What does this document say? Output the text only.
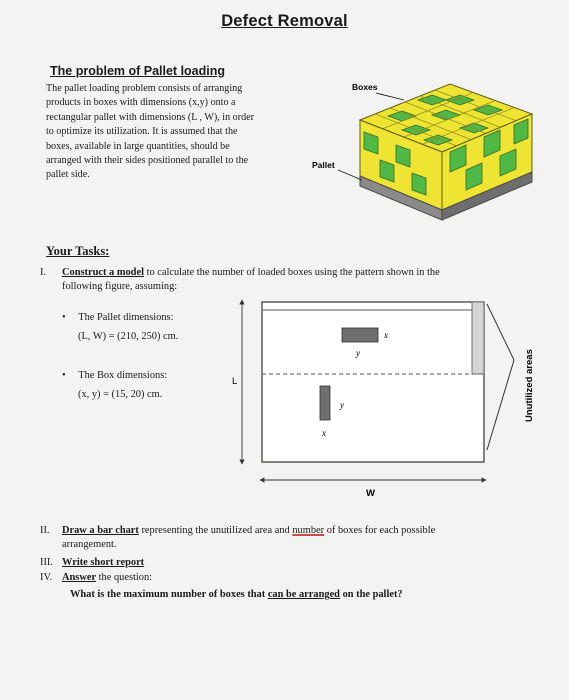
Defect Removal
The problem of Pallet loading
The pallet loading problem consists of arranging
products in boxes with dimensions (x,y) onto a
rectangular pallet with dimensions (L , W), in order
to optimize its utilization. It is assumed that the
boxes, available in large quantities, should be
arranged with their sides positioned parallel to the
pallet side.
Boxes
Pallet
Your Tasks:
I. Construct a model to calculate the number of loaded boxes using the pattern shown in the
following figure, assuming:
• The Pallet dimensions:
(L, W) = (210, 250) cm.
• The Box dimensions:
(x, y) = (15, 20) cm.
x
y
y
x
L
W
Unutilized areas
II. Draw a bar chart representing the unutilized area and number of boxes for each possible
arrangement.
III. Write short report
IV. Answer the question:
What is the maximum number of boxes that can be arranged on the pallet?
